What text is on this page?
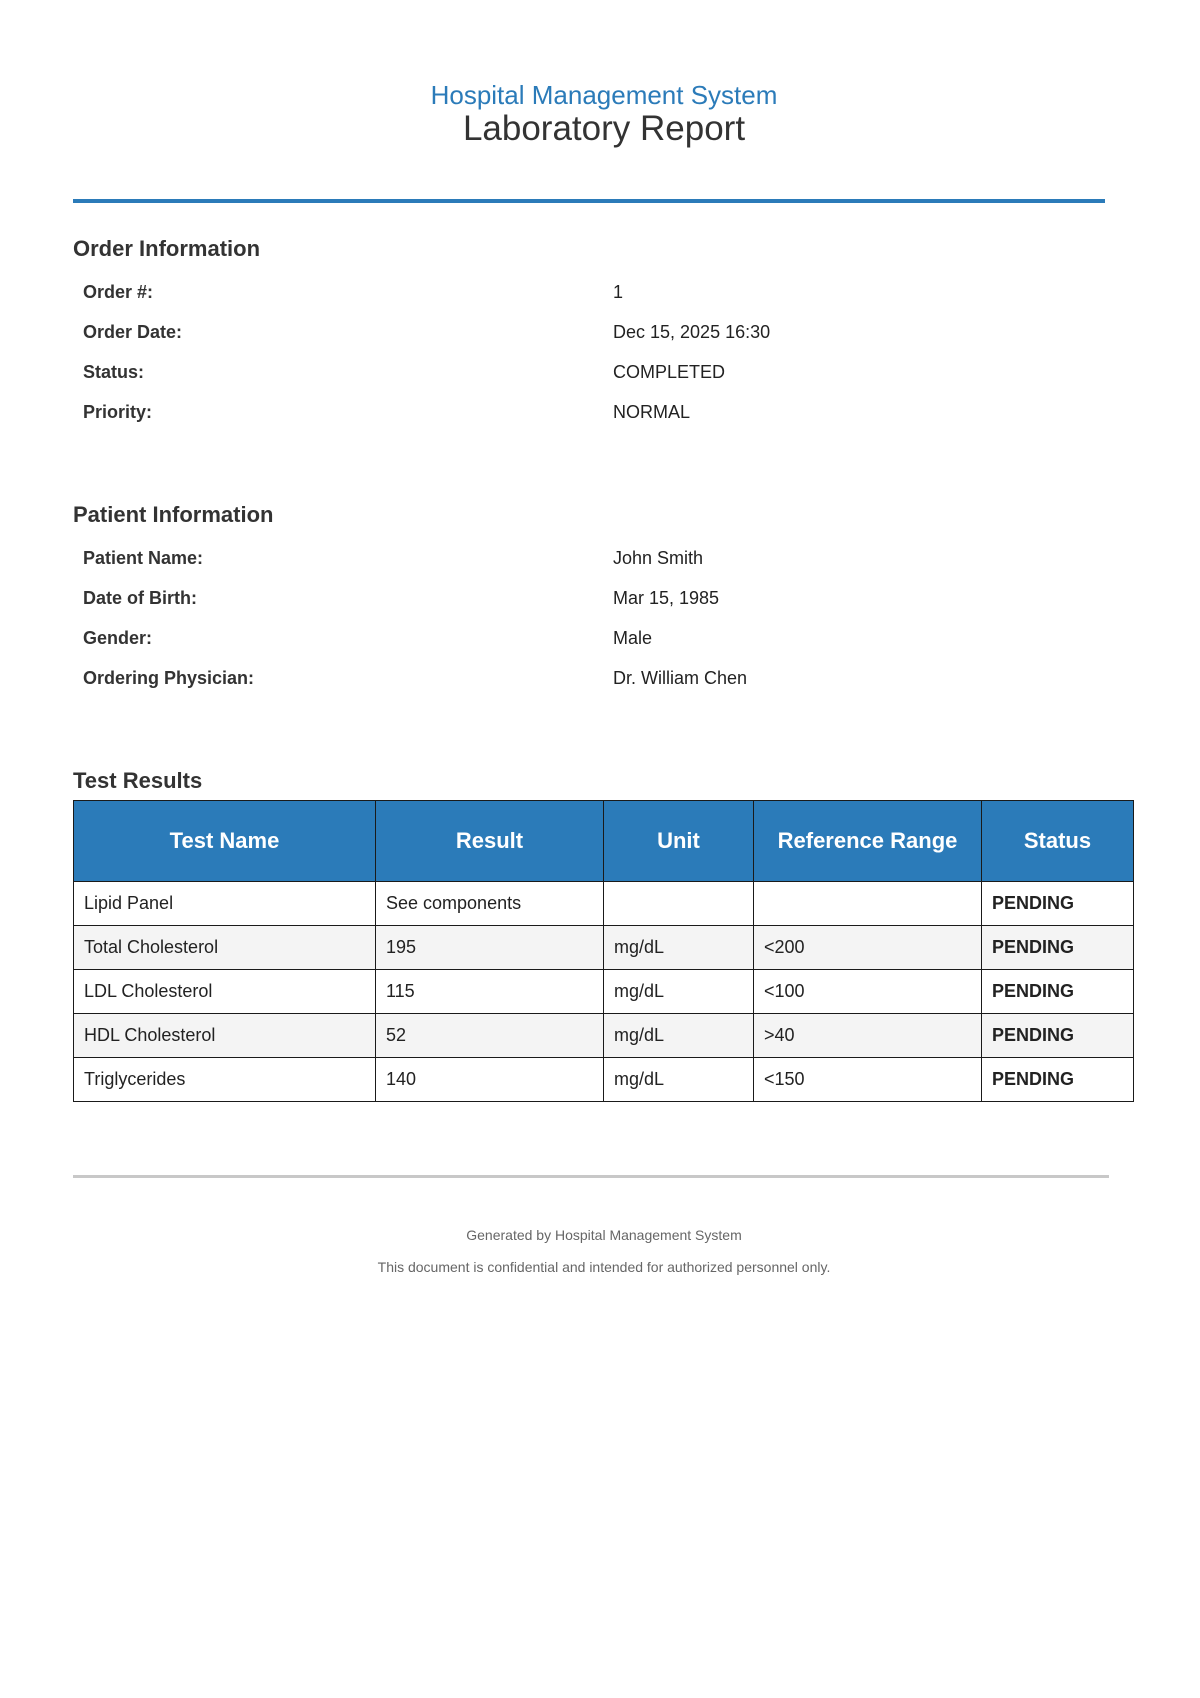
Hospital Management System
Laboratory Report
Order Information
Order #:	1
Order Date:	Dec 15, 2025 16:30
Status:	COMPLETED
Priority:	NORMAL
Patient Information
Patient Name:	John Smith
Date of Birth:	Mar 15, 1985
Gender:	Male
Ordering Physician:	Dr. William Chen
Test Results
Test Name	Result	Unit	Reference Range	Status
Lipid Panel	See components			PENDING
Total Cholesterol	195	mg/dL	<200	PENDING
LDL Cholesterol	115	mg/dL	<100	PENDING
HDL Cholesterol	52	mg/dL	>40	PENDING
Triglycerides	140	mg/dL	<150	PENDING
Generated by Hospital Management System
This document is confidential and intended for authorized personnel only.
